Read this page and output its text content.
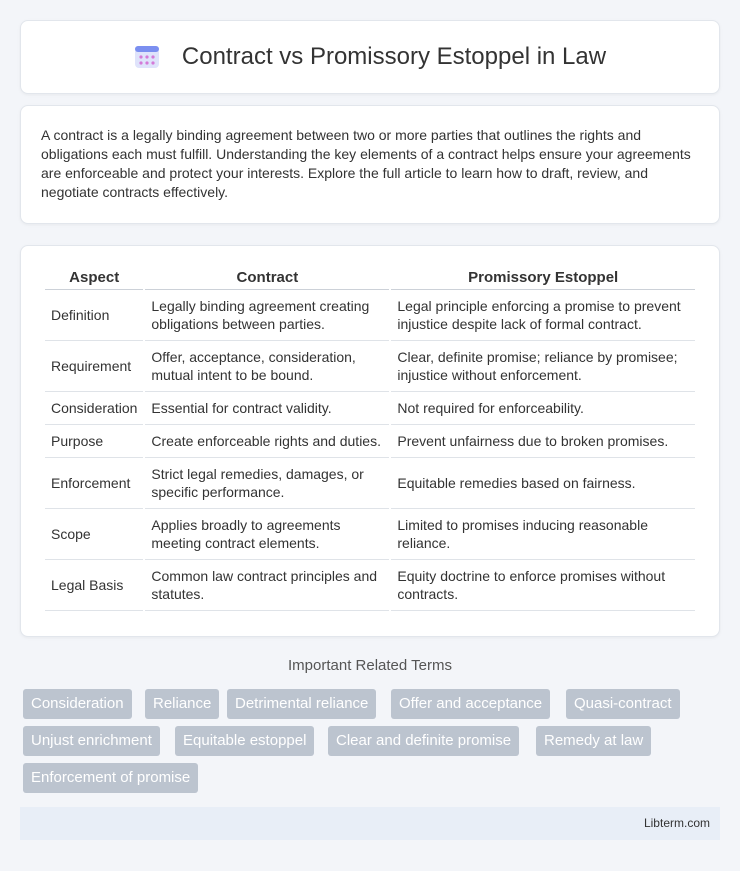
Contract vs Promissory Estoppel in Law

A contract is a legally binding agreement between two or more parties that outlines the rights and obligations each must fulfill. Understanding the key elements of a contract helps ensure your agreements are enforceable and protect your interests. Explore the full article to learn how to draft, review, and negotiate contracts effectively.

Aspect	Contract	Promissory Estoppel
Definition	Legally binding agreement creating obligations between parties.	Legal principle enforcing a promise to prevent injustice despite lack of formal contract.
Requirement	Offer, acceptance, consideration, mutual intent to be bound.	Clear, definite promise; reliance by promisee; injustice without enforcement.
Consideration	Essential for contract validity.	Not required for enforceability.
Purpose	Create enforceable rights and duties.	Prevent unfairness due to broken promises.
Enforcement	Strict legal remedies, damages, or specific performance.	Equitable remedies based on fairness.
Scope	Applies broadly to agreements meeting contract elements.	Limited to promises inducing reasonable reliance.
Legal Basis	Common law contract principles and statutes.	Equity doctrine to enforce promises without contracts.
Important Related Terms
Consideration	Reliance	Detrimental reliance	Offer and acceptance	Quasi-contract
Unjust enrichment	Equitable estoppel	Clear and definite promise	Remedy at law
Enforcement of promise
Libterm.com
